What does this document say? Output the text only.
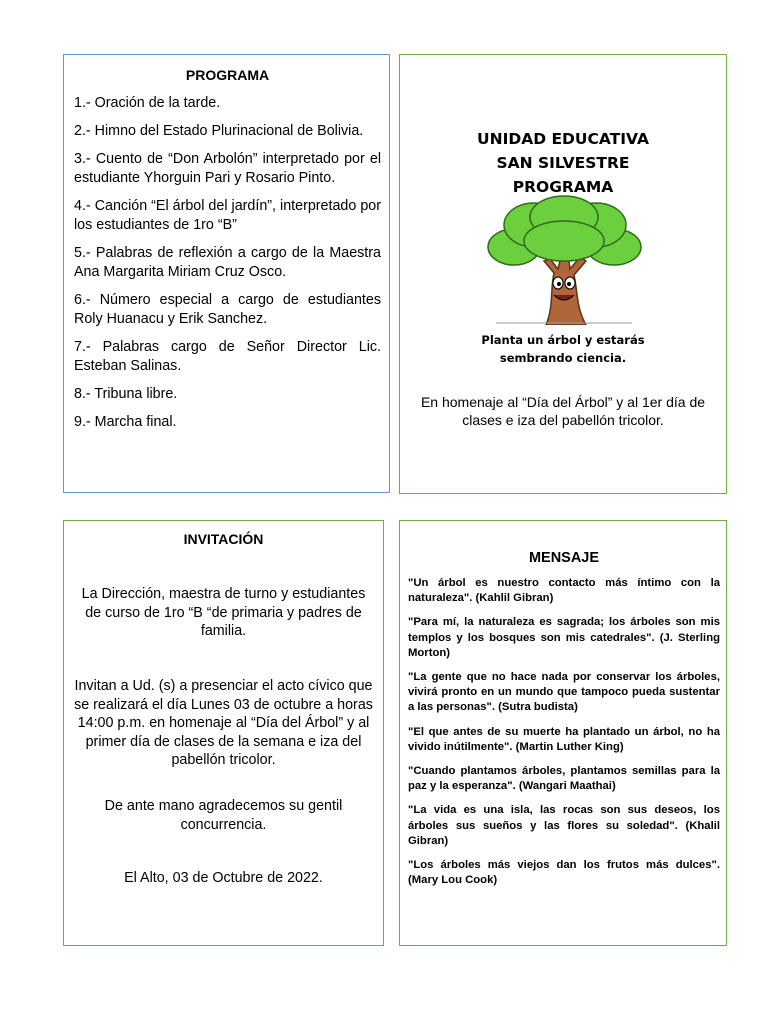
PROGRAMA
1.- Oración de la tarde.
2.- Himno del Estado Plurinacional de Bolivia.
3.- Cuento de “Don Arbolón” interpretado por el estudiante Yhorguin Pari y Rosario Pinto.
4.- Canción “El árbol del jardín”, interpretado por los estudiantes de 1ro “B”
5.- Palabras de reflexión a cargo de la Maestra Ana Margarita Miriam Cruz Osco.
6.- Número especial a cargo de estudiantes Roly Huanacu y Erik Sanchez.
7.- Palabras cargo de Señor Director Lic. Esteban Salinas.
8.- Tribuna libre.
9.- Marcha final.
UNIDAD EDUCATIVA
SAN SILVESTRE
PROGRAMA
Planta un árbol y estarás
sembrando ciencia.
En homenaje al “Día del Árbol” y al 1er día de clases e iza del pabellón tricolor.
INVITACIÓN
La Dirección, maestra de turno y estudiantes de curso de 1ro “B “de primaria y padres de familia.
Invitan a Ud. (s) a presenciar el acto cívico que se realizará el día Lunes 03 de octubre a horas 14:00 p.m. en homenaje al “Día del Árbol” y al primer día de clases de la semana e iza del pabellón tricolor.
De ante mano agradecemos su gentil concurrencia.
El Alto, 03 de Octubre de 2022.
MENSAJE
"Un árbol es nuestro contacto más íntimo con la naturaleza". (Kahlil Gibran)
"Para mí, la naturaleza es sagrada; los árboles son mis templos y los bosques son mis catedrales". (J. Sterling Morton)
"La gente que no hace nada por conservar los árboles, vivirá pronto en un mundo que tampoco pueda sustentar a las personas". (Sutra budista)
"El que antes de su muerte ha plantado un árbol, no ha vivido inútilmente". (Martin Luther King)
"Cuando plantamos árboles, plantamos semillas para la paz y la esperanza". (Wangari Maathai)
"La vida es una isla, las rocas son sus deseos, los árboles sus sueños y las flores su soledad". (Khalil Gibran)
"Los árboles más viejos dan los frutos más dulces". (Mary Lou Cook)
